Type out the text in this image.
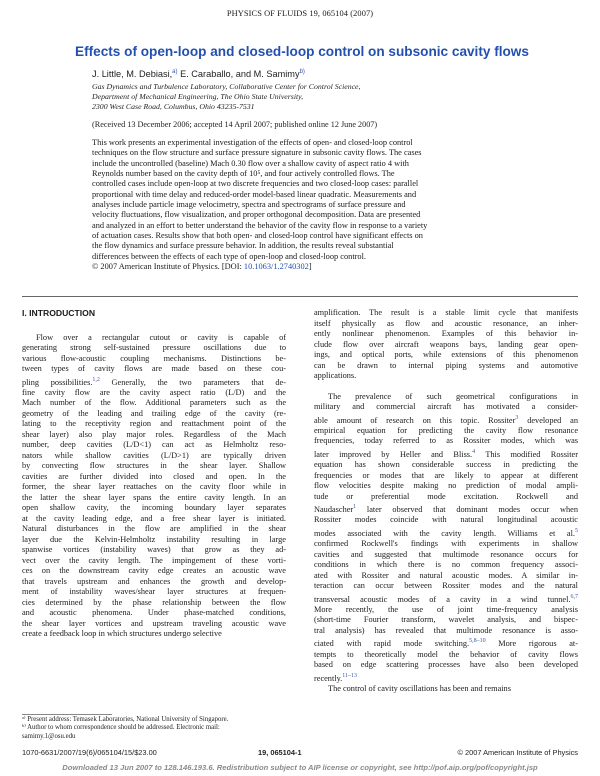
PHYSICS OF FLUIDS 19, 065104 (2007)
Effects of open-loop and closed-loop control on subsonic cavity flows
J. Little, M. Debiasi,$^{a)}$ E. Caraballo, and M. Samimy$^{b)}$
Gas Dynamics and Turbulence Laboratory, Collaborative Center for Control Science,
Department of Mechanical Engineering, The Ohio State University,
2300 West Case Road, Columbus, Ohio 43235-7531
(Received 13 December 2006; accepted 14 April 2007; published online 12 June 2007)
This work presents an experimental investigation of the effects of open- and closed-loop control
techniques on the flow structure and surface pressure signature in subsonic cavity flows. The cases
include the uncontrolled (baseline) Mach 0.30 flow over a shallow cavity of aspect ratio 4 with
Reynolds number based on the cavity depth of 10⁵, and four actively controlled flows. The
controlled cases include open-loop at two discrete frequencies and two closed-loop cases: parallel
proportional with time delay and reduced-order model-based linear quadratic. Measurements and
analyses include particle image velocimetry, spectra and spectrograms of surface pressure and
velocity fluctuations, flow visualization, and proper orthogonal decomposition. Data are presented
and analyzed in an effort to better understand the behavior of the cavity flow in response to a variety
of actuation cases. Results show that both open- and closed-loop control have significant effects on
the flow dynamics and surface pressure behavior. In addition, the results reveal substantial
differences between the effects of each type of open-loop and closed-loop control.
© 2007 American Institute of Physics. [DOI: 10.1063/1.2740302]
I. INTRODUCTION
Flow over a rectangular cutout or cavity is capable of
generating strong self-sustained pressure oscillations due to
various flow-acoustic coupling mechanisms. Distinctions be-
tween types of cavity flows are made based on these cou-
pling possibilities.$^{1,2}$ Generally, the two parameters that de-
fine cavity flow are the cavity aspect ratio (L/D) and the
Mach number of the flow. Additional parameters such as the
geometry of the leading and trailing edge of the cavity (re-
lating to the receptivity region and reattachment point of the
shear layer) also play major roles. Regardless of the Mach
number, deep cavities (L/D<1) can act as Helmholtz reso-
nators while shallow cavities (L/D>1) are typically driven
by convecting flow structures in the shear layer. Shallow
cavities are further divided into closed and open. In the
former, the shear layer reattaches on the cavity floor while in
the latter the shear layer spans the entire cavity length. In an
open shallow cavity, the incoming boundary layer separates
at the cavity leading edge, and a free shear layer is initiated.
Natural disturbances in the flow are amplified in the shear
layer due the Kelvin-Helmholtz instability resulting in large
spanwise vortices (instability waves) that grow as they ad-
vect over the cavity length. The impingement of these vorti-
ces on the downstream cavity edge creates an acoustic wave
that travels upstream and enhances the growth and develop-
ment of instability waves/shear layer structures at frequen-
cies determined by the phase relationship between the flow
and acoustic phenomena. Under phase-matched conditions,
the shear layer vortices and upstream traveling acoustic wave
create a feedback loop in which structures undergo selective
amplification. The result is a stable limit cycle that manifests
itself physically as flow and acoustic resonance, an inher-
ently nonlinear phenomenon. Examples of this behavior in-
clude flow over aircraft weapons bays, landing gear open-
ings, and optical ports, while extensions of this phenomenon
can be drawn to internal piping systems and automotive
applications.
The prevalence of such geometrical configurations in
military and commercial aircraft has motivated a consider-
able amount of research on this topic. Rossiter$^3$ developed an
empirical equation for predicting the cavity flow resonance
frequencies, today referred to as Rossiter modes, which was
later improved by Heller and Bliss.$^4$ This modified Rossiter
equation has shown considerable success in predicting the
frequencies or modes that are likely to appear at different
flow velocities despite making no prediction of modal ampli-
tude or preferential mode excitation. Rockwell and
Naudascher$^1$ later observed that dominant modes occur when
Rossiter modes coincide with natural longitudinal acoustic
modes associated with the cavity length. Williams et al.$^5$
confirmed Rockwell's findings with experiments in shallow
cavities and suggested that multimode resonance occurs for
conditions in which there is no common frequency associ-
ated with Rossiter and natural acoustic modes. A similar in-
teraction can occur between Rossiter modes and the natural
transversal acoustic modes of a cavity in a wind tunnel.$^{6,7}$
More recently, the use of joint time-frequency analysis
(short-time Fourier transform, wavelet analysis, and bispec-
tral analysis) has revealed that multimode resonance is asso-
ciated with rapid mode switching.$^{5,8-10}$ More rigorous at-
tempts to theoretically model the behavior of cavity flows
based on edge scattering processes have also been developed
recently.$^{11-13}$
The control of cavity oscillations has been and remains
ᵃ⁾ Present address: Temasek Laboratories, National University of Singapore.
ᵇ⁾ Author to whom correspondence should be addressed. Electronic mail:
samimy.1@osu.edu
1070-6631/2007/19(6)/065104/15/$23.00	19, 065104-1	© 2007 American Institute of Physics
Downloaded 13 Jun 2007 to 128.146.193.6. Redistribution subject to AIP license or copyright, see http://pof.aip.org/pof/copyright.jsp
